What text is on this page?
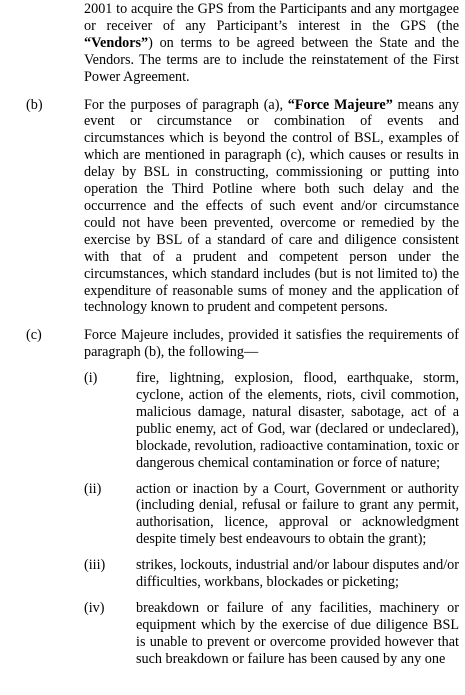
2001 to acquire the GPS from the Participants and any mortgagee or receiver of any Participant’s interest in the GPS (the “Vendors”) on terms to be agreed between the State and the Vendors. The terms are to include the reinstatement of the First Power Agreement.

(b)	For the purposes of paragraph (a), “Force Majeure” means any event or circumstance or combination of events and circumstances which is beyond the control of BSL, examples of which are mentioned in paragraph (c), which causes or results in delay by BSL in constructing, commissioning or putting into operation the Third Potline where both such delay and the occurrence and the effects of such event and/or circumstance could not have been prevented, overcome or remedied by the exercise by BSL of a standard of care and diligence consistent with that of a prudent and competent person under the circumstances, which standard includes (but is not limited to) the expenditure of reasonable sums of money and the application of technology known to prudent and competent persons.

(c)	Force Majeure includes, provided it satisfies the requirements of paragraph (b), the following—

(i)	fire, lightning, explosion, flood, earthquake, storm, cyclone, action of the elements, riots, civil commotion, malicious damage, natural disaster, sabotage, act of a public enemy, act of God, war (declared or undeclared), blockade, revolution, radioactive contamination, toxic or dangerous chemical contamination or force of nature;

(ii) action or inaction by a Court, Government or authority (including denial, refusal or failure to grant any permit, authorisation, licence, approval or acknowledgment despite timely best endeavours to obtain the grant);

(iii) strikes, lockouts, industrial and/or labour disputes and/or difficulties, workbans, blockades or picketing;

(iv) breakdown or failure of any facilities, machinery or equipment which by the exercise of due diligence BSL is unable to prevent or overcome provided however that such breakdown or failure has been caused by any one
